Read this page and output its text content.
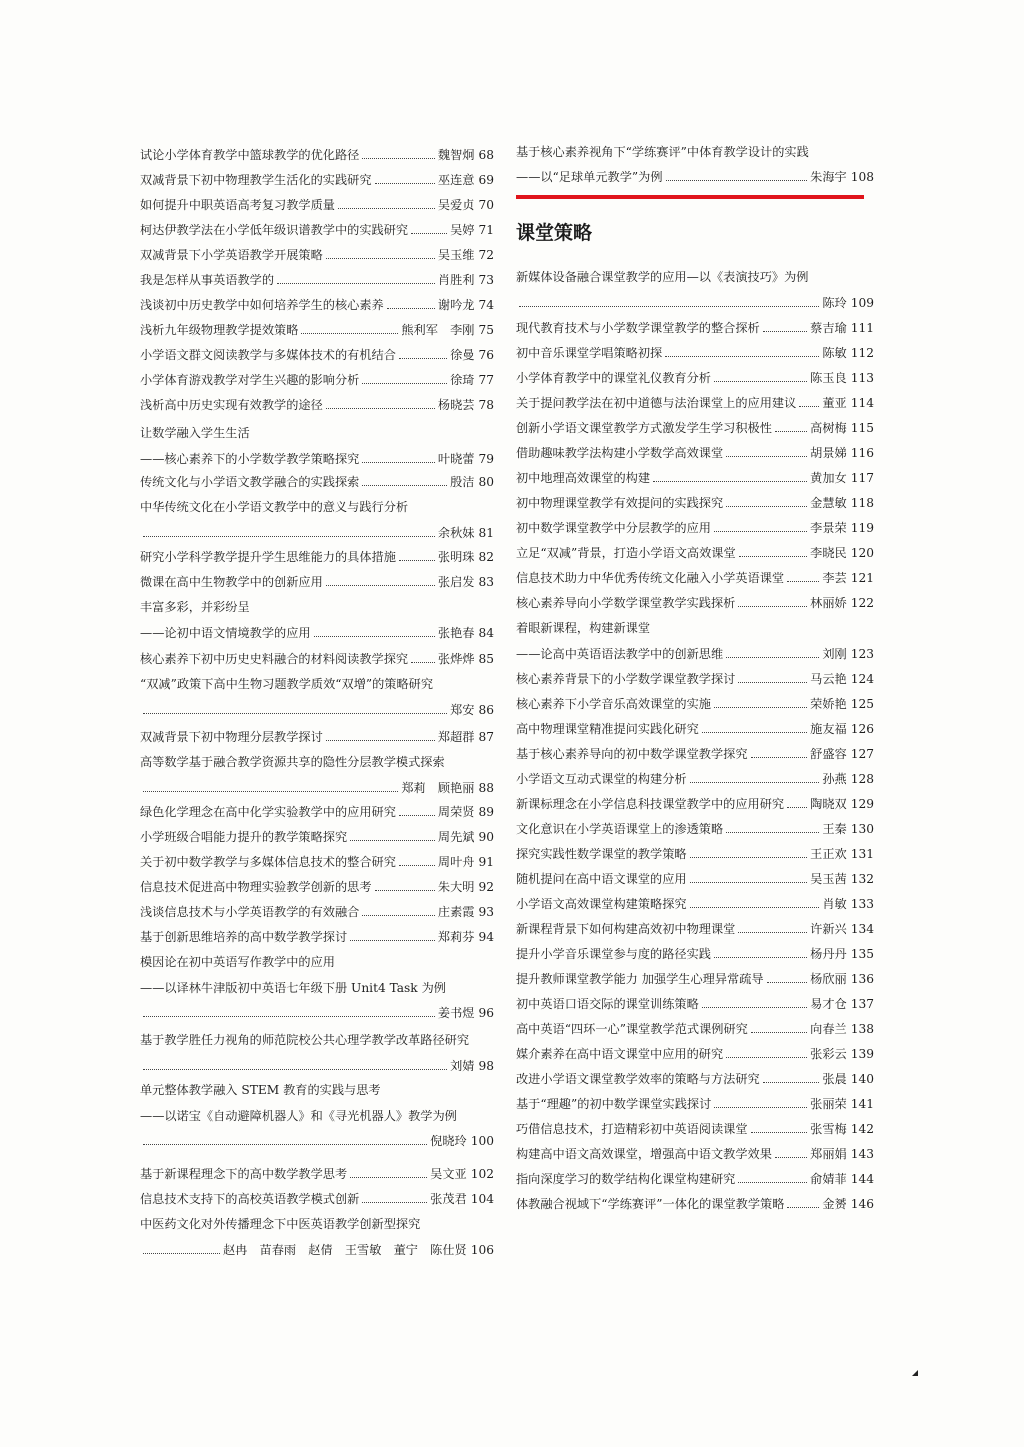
试论小学体育教学中篮球教学的优化路径	魏智炯 68
双减背景下初中物理教学生活化的实践研究	巫连意 69
如何提升中职英语高考复习教学质量	吴爱贞 70
柯达伊教学法在小学低年级识谱教学中的实践研究	吴婷 71
双减背景下小学英语教学开展策略	吴玉维 72
我是怎样从事英语教学的	肖胜利 73
浅谈初中历史教学中如何培养学生的核心素养	谢吟龙 74
浅析九年级物理教学提效策略	熊利军　李刚 75
小学语文群文阅读教学与多媒体技术的有机结合	徐曼 76
小学体育游戏教学对学生兴趣的影响分析	徐琦 77
浅析高中历史实现有效教学的途径	杨晓芸 78
让数学融入学生生活
——核心素养下的小学数学教学策略探究	叶晓蕾 79
传统文化与小学语文教学融合的实践探索	殷洁 80
中华传统文化在小学语文教学中的意义与践行分析
余秋妹 81
研究小学科学教学提升学生思维能力的具体措施	张明珠 82
微课在高中生物教学中的创新应用	张启发 83
丰富多彩，并彩纷呈
——论初中语文情境教学的应用	张艳春 84
核心素养下初中历史史料融合的材料阅读教学探究 张烨烨 85
“双减”政策下高中生物习题教学质效“双增”的策略研究
郑安 86
双减背景下初中物理分层教学探讨	郑超群 87
高等数学基于融合教学资源共享的隐性分层教学模式探索
郑莉　顾艳丽 88
绿色化学理念在高中化学实验教学中的应用研究	周荣贤 89
小学班级合唱能力提升的教学策略探究	周先斌 90
关于初中数学教学与多媒体信息技术的整合研究	周叶舟 91
信息技术促进高中物理实验教学创新的思考	朱大明 92
浅谈信息技术与小学英语教学的有效融合	庄素霞 93
基于创新思维培养的高中数学教学探讨	郑莉芬 94
模因论在初中英语写作教学中的应用
——以译林牛津版初中英语七年级下册 Unit4 Task 为例
姜书煜 96
基于教学胜任力视角的师范院校公共心理学教学改革路径研究
刘婧 98
单元整体教学融入 STEM 教育的实践与思考
——以诺宝《自动避障机器人》和《寻光机器人》教学为例
倪晓玲 100
基于新课程理念下的高中数学教学思考	吴文亚 102
信息技术支持下的高校英语教学模式创新	张茂君 104
中医药文化对外传播理念下中医英语教学创新型探究
赵冉　苗春雨　赵倩　王雪敏　董宁　陈仕贤 106
基于核心素养视角下“学练赛评”中体育教学设计的实践
——以“足球单元教学”为例	朱海宇 108
新媒体设备融合课堂教学的应用—以《表演技巧》为例
陈玲 109
现代教育技术与小学数学课堂教学的整合探析	蔡吉瑜 111
初中音乐课堂学唱策略初探	陈敏 112
小学体育教学中的课堂礼仪教育分析	陈玉良 113
关于提问教学法在初中道德与法治课堂上的应用建议 董亚 114
创新小学语文课堂教学方式激发学生学习积极性	高树梅 115
借助趣味教学法构建小学数学高效课堂	胡景娣 116
初中地理高效课堂的构建	黄加女 117
初中物理课堂教学有效提问的实践探究	金慧敏 118
初中数学课堂教学中分层教学的应用	李景荣 119
立足“双减”背景，打造小学语文高效课堂	李晓民 120
信息技术助力中华优秀传统文化融入小学英语课堂	李芸 121
核心素养导向小学数学课堂教学实践探析	林丽娇 122
着眼新课程，构建新课堂
——论高中英语语法教学中的创新思维	刘刚 123
核心素养背景下的小学数学课堂教学探讨	马云艳 124
核心素养下小学音乐高效课堂的实施	荣娇艳 125
高中物理课堂精准提问实践化研究	施友福 126
基于核心素养导向的初中数学课堂教学探究	舒盛容 127
小学语文互动式课堂的构建分析	孙燕 128
新课标理念在小学信息科技课堂教学中的应用研究 陶晓双 129
文化意识在小学英语课堂上的渗透策略	王秦 130
探究实践性数学课堂的教学策略	王正欢 131
随机提问在高中语文课堂的应用	吴玉茜 132
小学语文高效课堂构建策略探究	肖敏 133
新课程背景下如何构建高效初中物理课堂	许新兴 134
提升小学音乐课堂参与度的路径实践	杨丹丹 135
提升教师课堂教学能力 加强学生心理异常疏导	杨欣丽 136
初中英语口语交际的课堂训练策略	易才仓 137
高中英语“四环一心”课堂教学范式课例研究	向春兰 138
媒介素养在高中语文课堂中应用的研究	张彩云 139
改进小学语文课堂教学效率的策略与方法研究	张晨 140
基于“理趣”的初中数学课堂实践探讨	张丽荣 141
巧借信息技术，打造精彩初中英语阅读课堂	张雪梅 142
构建高中语文高效课堂，增强高中语文教学效果	郑丽娟 143
指向深度学习的数学结构化课堂构建研究	俞婧菲 144
体教融合视域下“学练赛评”一体化的课堂教学策略	金赟 146
课堂策略
